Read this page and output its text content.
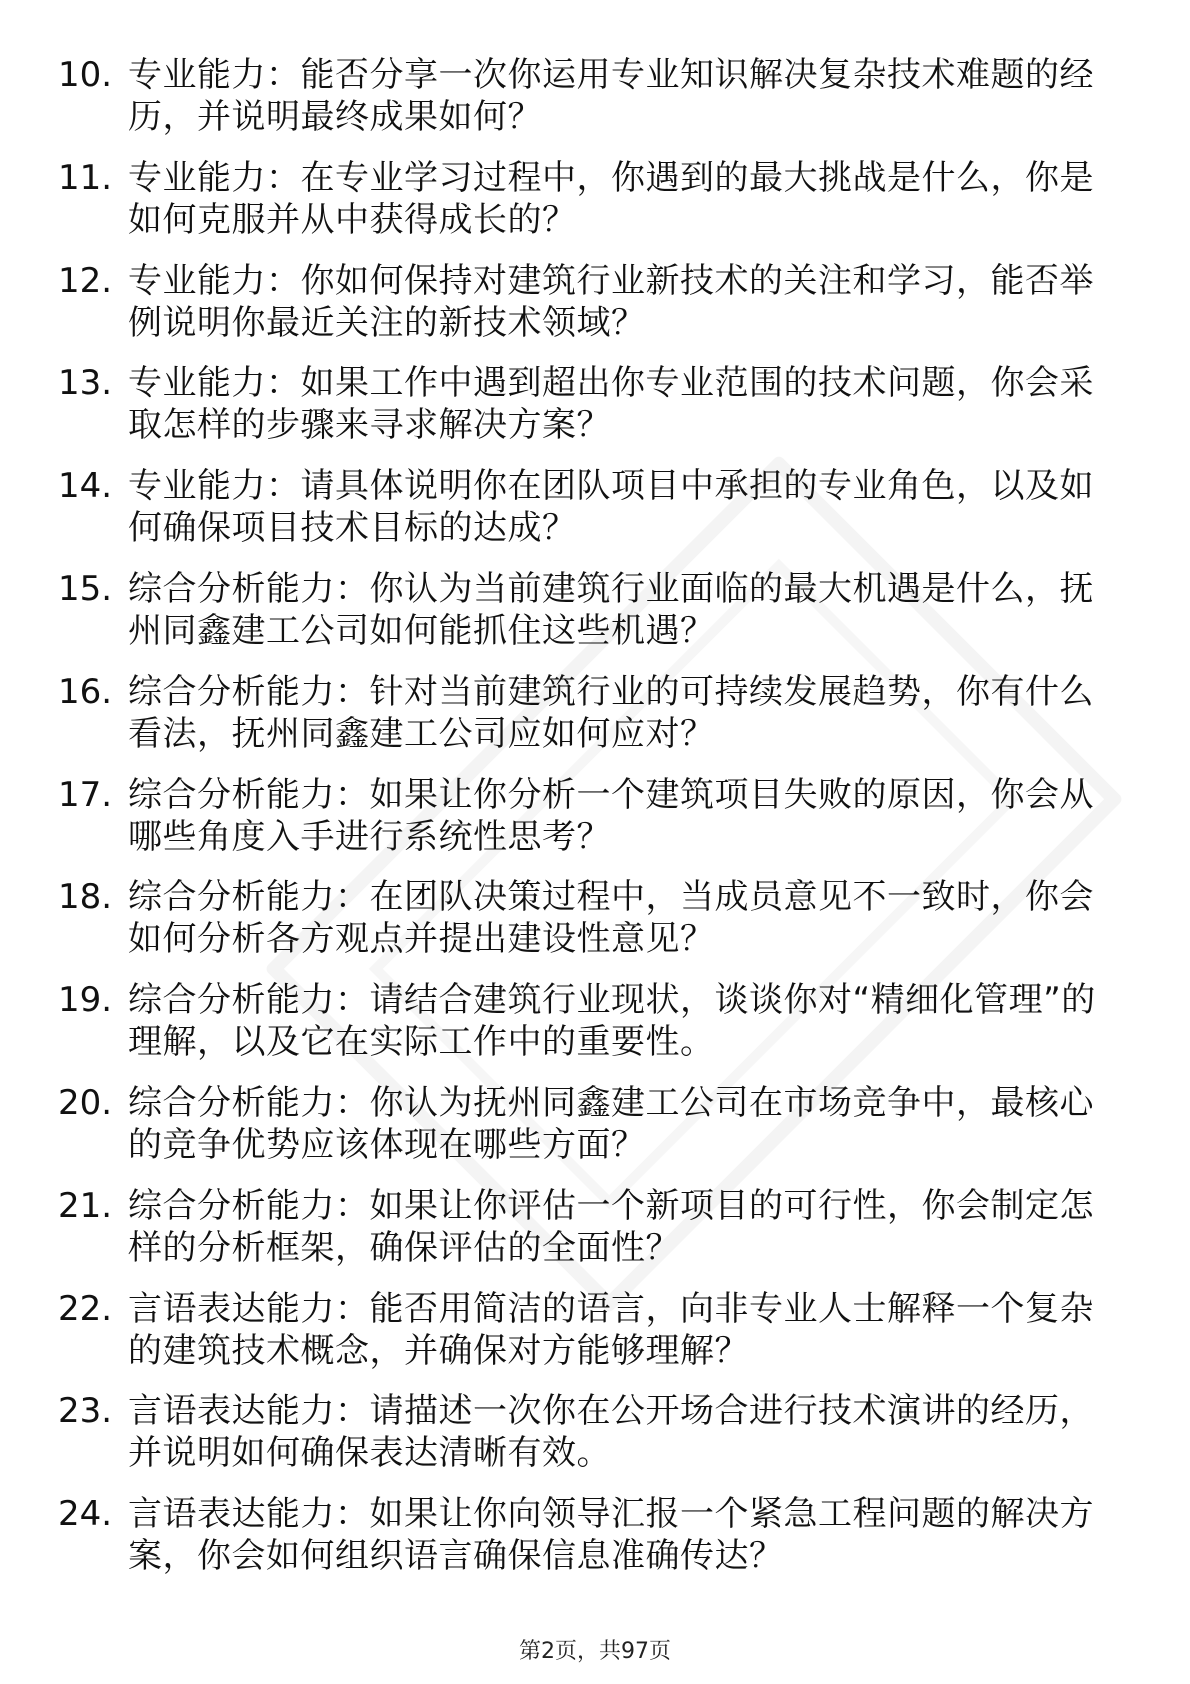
10. 专业能力：能否分享一次你运用专业知识解决复杂技术难题的经历，并说明最终成果如何？
11. 专业能力：在专业学习过程中，你遇到的最大挑战是什么，你是如何克服并从中获得成长的？
12. 专业能力：你如何保持对建筑行业新技术的关注和学习，能否举例说明你最近关注的新技术领域？
13. 专业能力：如果工作中遇到超出你专业范围的技术问题，你会采取怎样的步骤来寻求解决方案？
14. 专业能力：请具体说明你在团队项目中承担的专业角色，以及如何确保项目技术目标的达成？
15. 综合分析能力：你认为当前建筑行业面临的最大机遇是什么，抚州同鑫建工公司如何能抓住这些机遇？
16. 综合分析能力：针对当前建筑行业的可持续发展趋势，你有什么看法，抚州同鑫建工公司应如何应对？
17. 综合分析能力：如果让你分析一个建筑项目失败的原因，你会从哪些角度入手进行系统性思考？
18. 综合分析能力：在团队决策过程中，当成员意见不一致时，你会如何分析各方观点并提出建设性意见？
19. 综合分析能力：请结合建筑行业现状，谈谈你对“精细化管理”的理解，以及它在实际工作中的重要性。
20. 综合分析能力：你认为抚州同鑫建工公司在市场竞争中，最核心的竞争优势应该体现在哪些方面？
21. 综合分析能力：如果让你评估一个新项目的可行性，你会制定怎样的分析框架，确保评估的全面性？
22. 言语表达能力：能否用简洁的语言，向非专业人士解释一个复杂的建筑技术概念，并确保对方能够理解？
23. 言语表达能力：请描述一次你在公开场合进行技术演讲的经历，并说明如何确保表达清晰有效。
24. 言语表达能力：如果让你向领导汇报一个紧急工程问题的解决方案，你会如何组织语言确保信息准确传达？
第2页，共97页
